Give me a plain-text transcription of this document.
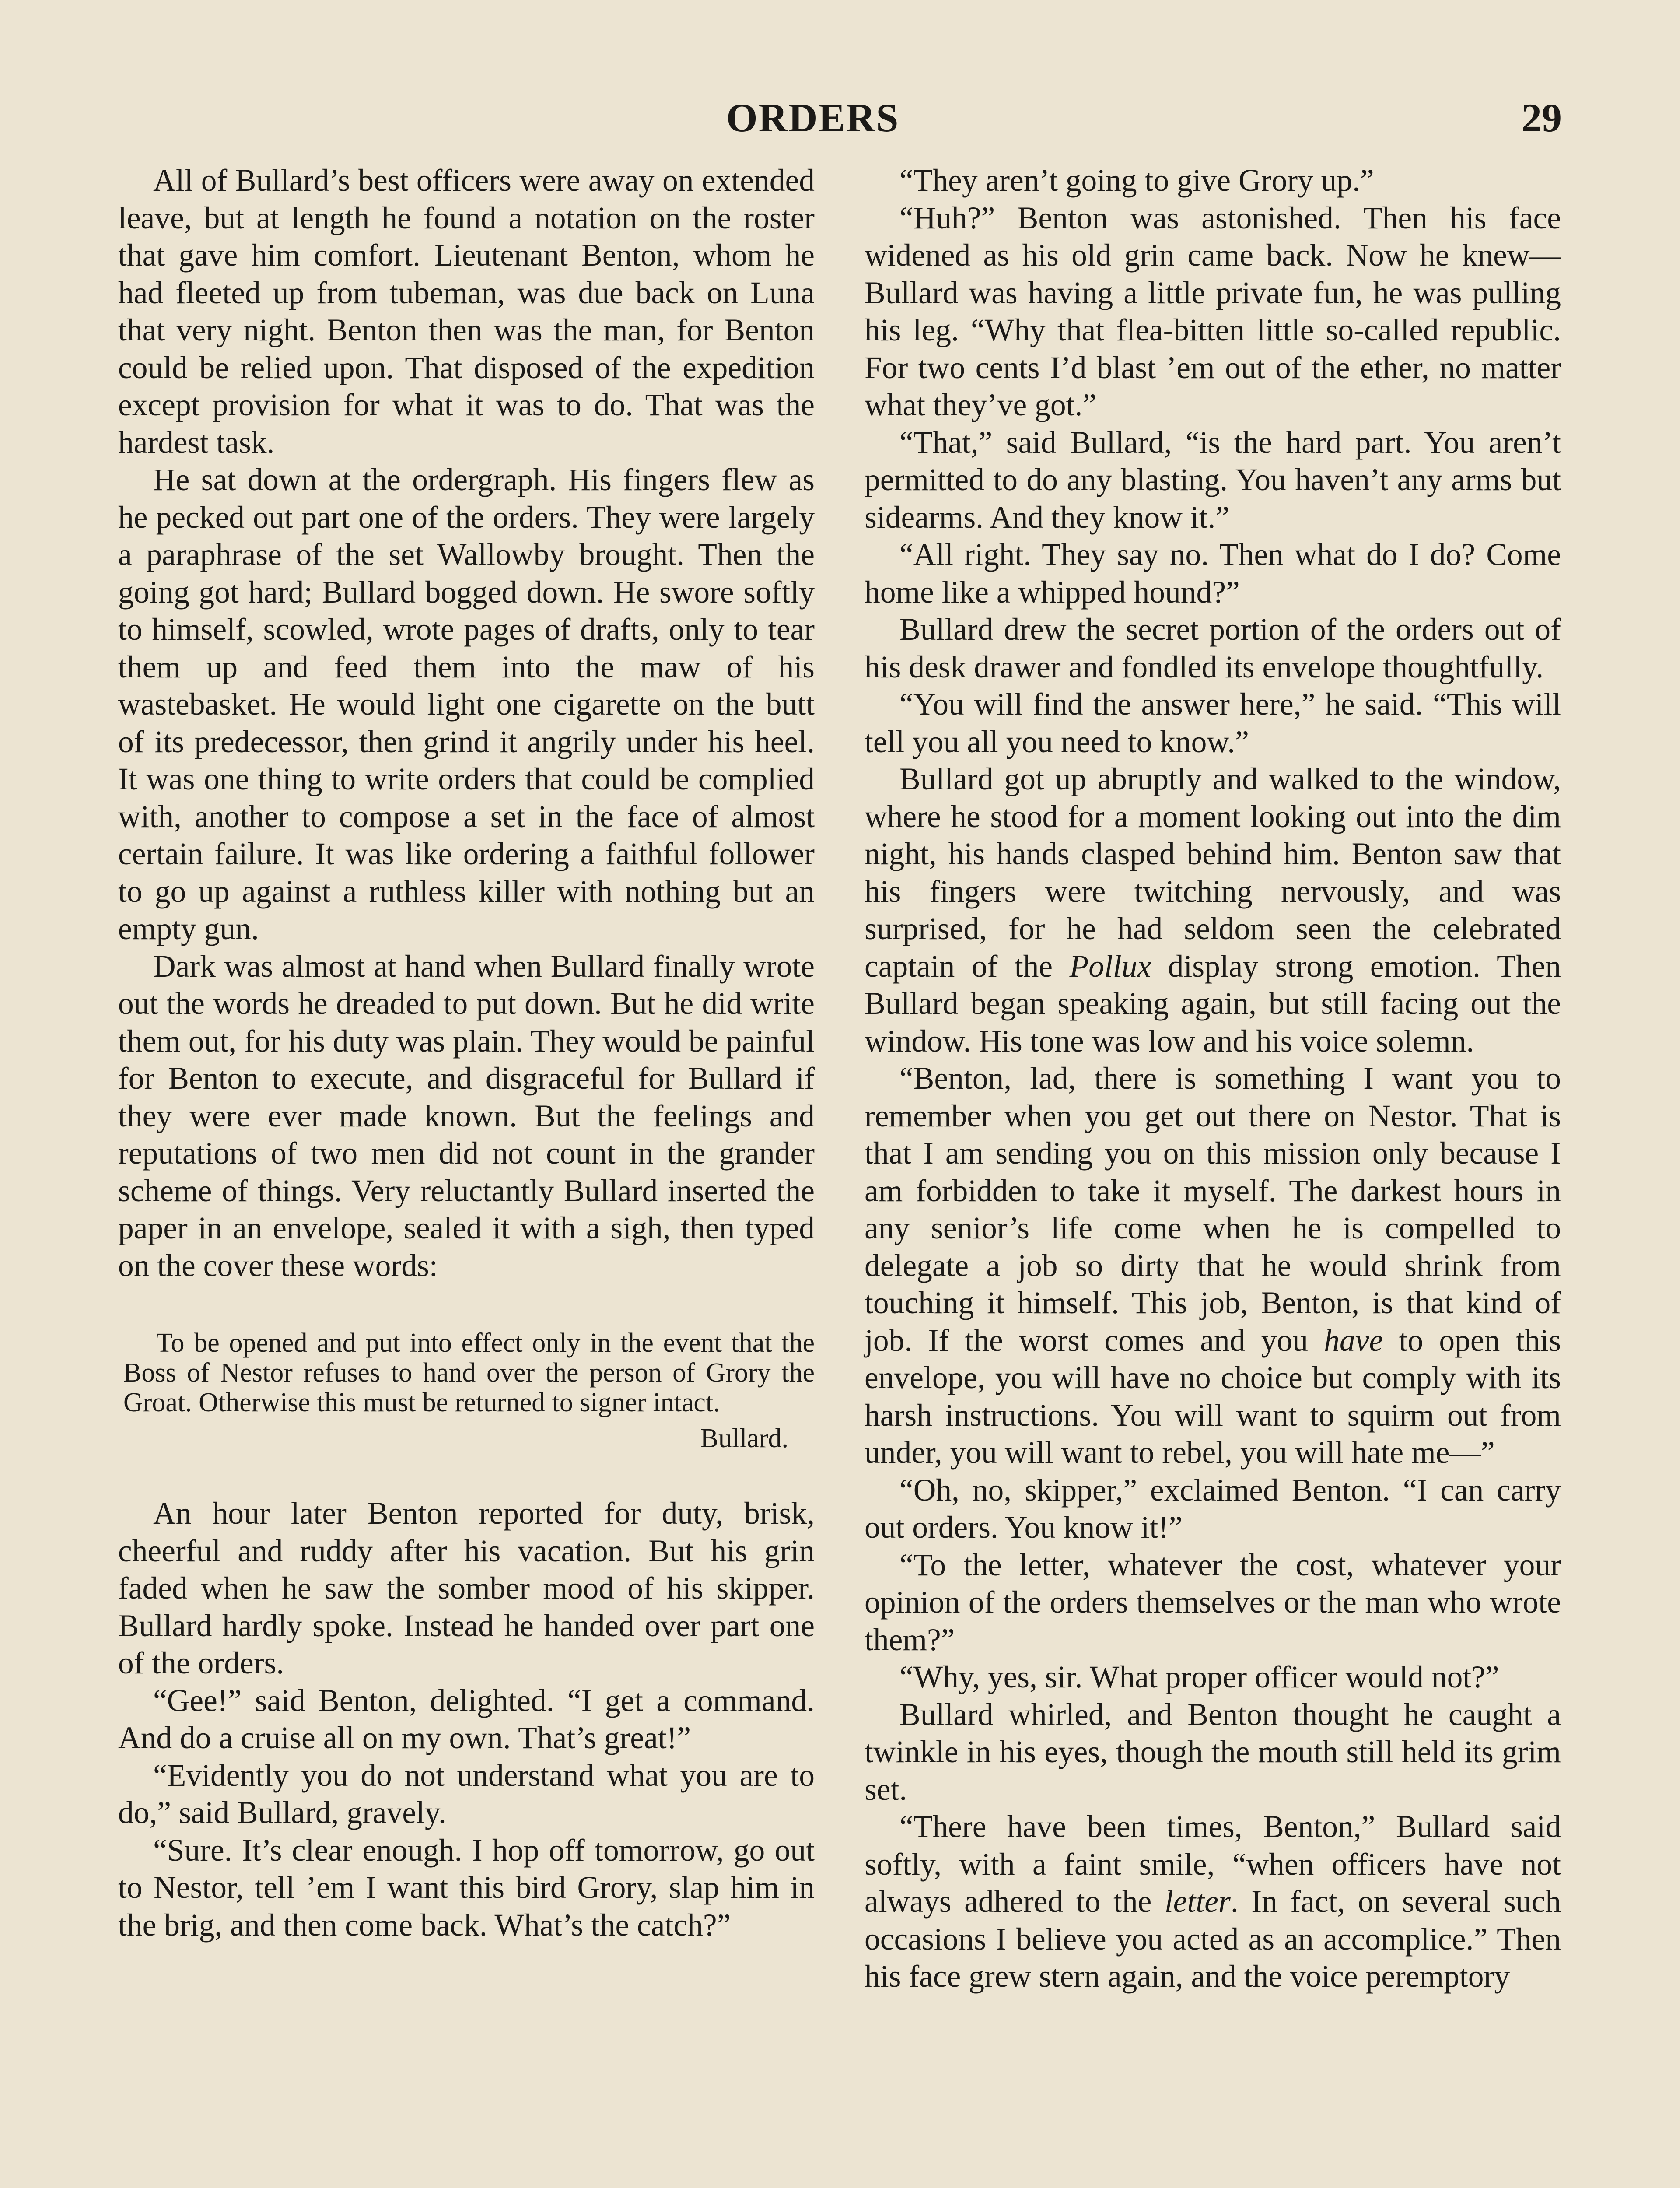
ORDERS	29

All of Bullard’s best officers were away on extended leave, but at length he found a notation on the roster that gave him comfort. Lieutenant Benton, whom he had fleeted up from tubeman, was due back on Luna that very night. Benton then was the man, for Benton could be relied upon. That disposed of the expedition except provision for what it was to do. That was the hardest task.

He sat down at the ordergraph. His fingers flew as he pecked out part one of the orders. They were largely a paraphrase of the set Wallowby brought. Then the going got hard; Bullard bogged down. He swore softly to himself, scowled, wrote pages of drafts, only to tear them up and feed them into the maw of his wastebasket. He would light one cigarette on the butt of its predecessor, then grind it angrily under his heel. It was one thing to write orders that could be complied with, another to compose a set in the face of almost certain failure. It was like ordering a faithful follower to go up against a ruthless killer with nothing but an empty gun.

Dark was almost at hand when Bullard finally wrote out the words he dreaded to put down. But he did write them out, for his duty was plain. They would be painful for Benton to execute, and disgraceful for Bullard if they were ever made known. But the feelings and reputations of two men did not count in the grander scheme of things. Very reluctantly Bullard inserted the paper in an envelope, sealed it with a sigh, then typed on the cover these words:

To be opened and put into effect only in the event that the Boss of Nestor refuses to hand over the person of Grory the Groat. Otherwise this must be returned to signer intact.

Bullard.

An hour later Benton reported for duty, brisk, cheerful and ruddy after his vacation. But his grin faded when he saw the somber mood of his skipper. Bullard hardly spoke. Instead he handed over part one of the orders.

“Gee!” said Benton, delighted. “I get a command. And do a cruise all on my own. That’s great!”

“Evidently you do not understand what you are to do,” said Bullard, gravely.

“Sure. It’s clear enough. I hop off tomorrow, go out to Nestor, tell ’em I want this bird Grory, slap him in the brig, and then come back. What’s the catch?”

“They aren’t going to give Grory up.”

“Huh?” Benton was astonished. Then his face widened as his old grin came back. Now he knew—Bullard was having a little private fun, he was pulling his leg. “Why that flea-bitten little so-called republic. For two cents I’d blast ’em out of the ether, no matter what they’ve got.”

“That,” said Bullard, “is the hard part. You aren’t permitted to do any blasting. You haven’t any arms but sidearms. And they know it.”

“All right. They say no. Then what do I do? Come home like a whipped hound?”

Bullard drew the secret portion of the orders out of his desk drawer and fondled its envelope thoughtfully.

“You will find the answer here,” he said. “This will tell you all you need to know.”

Bullard got up abruptly and walked to the window, where he stood for a moment looking out into the dim night, his hands clasped behind him. Benton saw that his fingers were twitching nervously, and was surprised, for he had seldom seen the celebrated captain of the Pollux display strong emotion. Then Bullard began speaking again, but still facing out the window. His tone was low and his voice solemn.

“Benton, lad, there is something I want you to remember when you get out there on Nestor. That is that I am sending you on this mission only because I am forbidden to take it myself. The darkest hours in any senior’s life come when he is compelled to delegate a job so dirty that he would shrink from touching it himself. This job, Benton, is that kind of job. If the worst comes and you have to open this envelope, you will have no choice but comply with its harsh instructions. You will want to squirm out from under, you will want to rebel, you will hate me—”

“Oh, no, skipper,” exclaimed Benton. “I can carry out orders. You know it!”

“To the letter, whatever the cost, whatever your opinion of the orders themselves or the man who wrote them?”

“Why, yes, sir. What proper officer would not?”

Bullard whirled, and Benton thought he caught a twinkle in his eyes, though the mouth still held its grim set.

“There have been times, Benton,” Bullard said softly, with a faint smile, “when officers have not always adhered to the letter. In fact, on several such occasions I believe you acted as an accomplice.” Then his face grew stern again, and the voice peremptory
